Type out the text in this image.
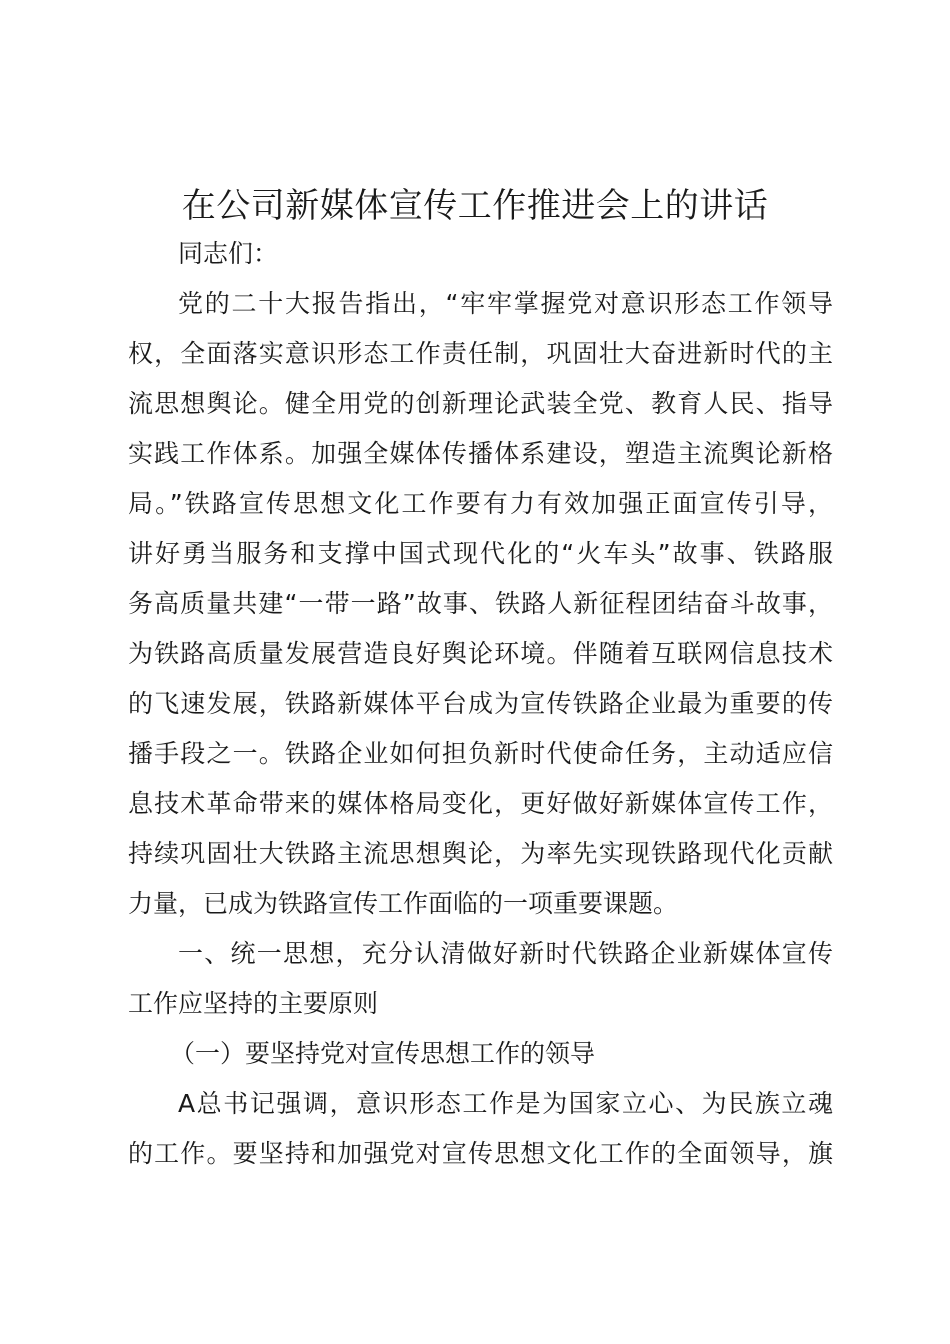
在公司新媒体宣传工作推进会上的讲话

同志们：

党的二十大报告指出，“牢牢掌握党对意识形态工作领导

权，全面落实意识形态工作责任制，巩固壮大奋进新时代的主

流思想舆论。健全用党的创新理论武装全党、教育人民、指导

实践工作体系。加强全媒体传播体系建设，塑造主流舆论新格

局。”铁路宣传思想文化工作要有力有效加强正面宣传引导，

讲好勇当服务和支撑中国式现代化的“火车头”故事、铁路服

务高质量共建“一带一路”故事、铁路人新征程团结奋斗故事，

为铁路高质量发展营造良好舆论环境。伴随着互联网信息技术

的飞速发展，铁路新媒体平台成为宣传铁路企业最为重要的传

播手段之一。铁路企业如何担负新时代使命任务，主动适应信

息技术革命带来的媒体格局变化，更好做好新媒体宣传工作，

持续巩固壮大铁路主流思想舆论，为率先实现铁路现代化贡献

力量，已成为铁路宣传工作面临的一项重要课题。

一、统一思想，充分认清做好新时代铁路企业新媒体宣传

工作应坚持的主要原则

（一）要坚持党对宣传思想工作的领导

A总书记强调，意识形态工作是为国家立心、为民族立魂

的工作。要坚持和加强党对宣传思想文化工作的全面领导，旗
